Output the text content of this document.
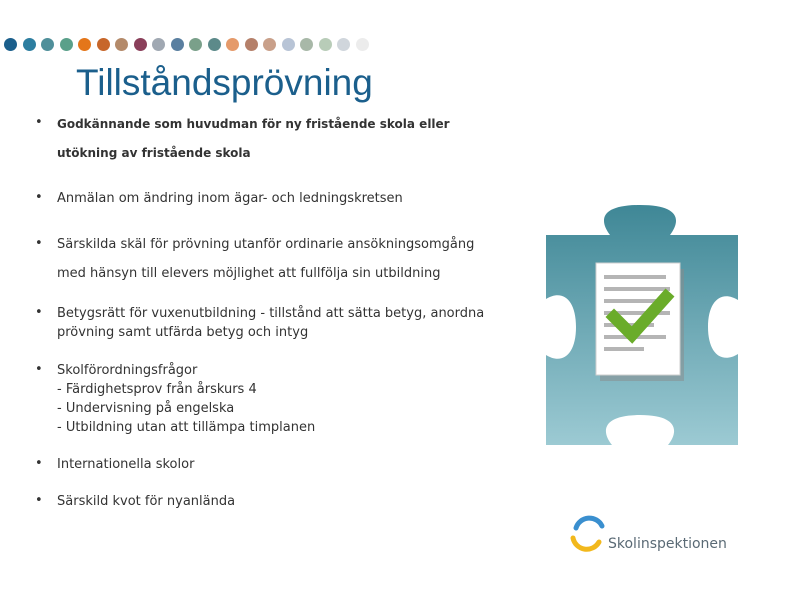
Tillståndsprövning
• Godkännande som huvudman för ny fristående skola eller
utökning av fristående skola
• Anmälan om ändring inom ägar- och ledningskretsen
• Särskilda skäl för prövning utanför ordinarie ansökningsomgång
med hänsyn till elevers möjlighet att fullfölja sin utbildning
• Betygsrätt för vuxenutbildning - tillstånd att sätta betyg, anordna
prövning samt utfärda betyg och intyg
• Skolförordningsfrågor
- Färdighetsprov från årskurs 4
- Undervisning på engelska
- Utbildning utan att tillämpa timplanen
• Internationella skolor
• Särskild kvot för nyanlända
Skolinspektionen
